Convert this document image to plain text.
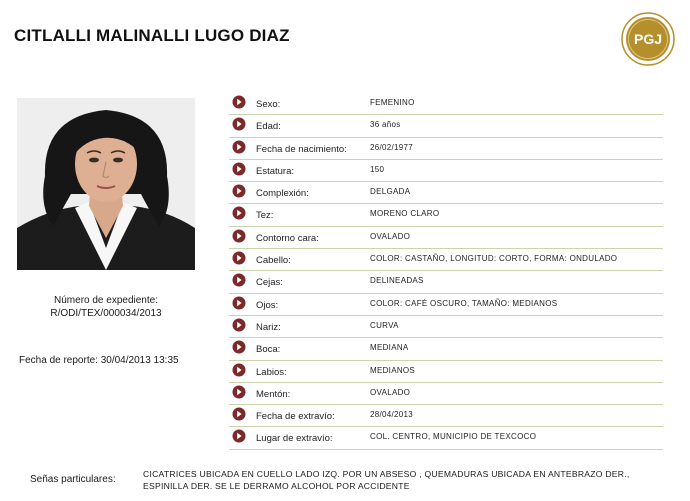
CITLALLI MALINALLI LUGO DIAZ	PGJ
Número de expediente:
R/ODI/TEX/000034/2013
Fecha de reporte: 30/04/2013 13:35
Sexo:	FEMENINO
Edad:	36 años
Fecha de nacimiento:	26/02/1977
Estatura:	150
Complexión:	DELGADA
Tez:	MORENO CLARO
Contorno cara:	OVALADO
Cabello:	COLOR: CASTAÑO, LONGITUD: CORTO, FORMA: ONDULADO
Cejas:	DELINEADAS
Ojos:	COLOR: CAFÉ OSCURO, TAMAÑO: MEDIANOS
Nariz:	CURVA
Boca:	MEDIANA
Labios:	MEDIANOS
Mentón:	OVALADO
Fecha de extravío:	28/04/2013
Lugar de extravío:	COL. CENTRO, MUNICIPIO DE TEXCOCO
Señas particulares:	CICATRICES UBICADA EN CUELLO LADO IZQ. POR UN ABSESO , QUEMADURAS UBICADA EN ANTEBRAZO DER., ESPINILLA DER. SE LE DERRAMO ALCOHOL POR ACCIDENTE
